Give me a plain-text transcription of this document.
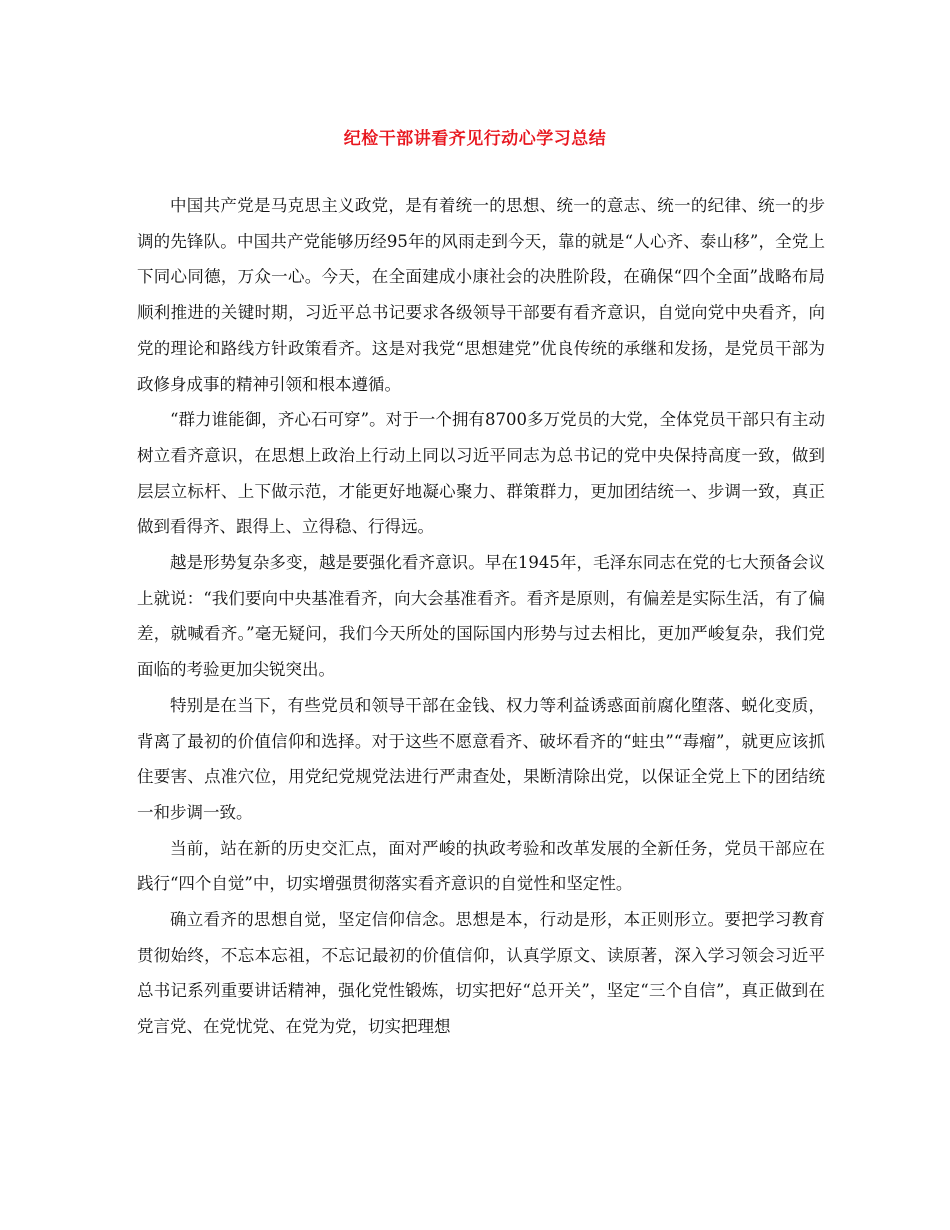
纪检干部讲看齐见行动心学习总结

中国共产党是马克思主义政党，是有着统一的思想、统一的意志、统一的纪律、统一的步调的先锋队。中国共产党能够历经95年的风雨走到今天，靠的就是“人心齐、泰山移”，全党上下同心同德，万众一心。今天，在全面建成小康社会的决胜阶段，在确保“四个全面”战略布局顺利推进的关键时期，习近平总书记要求各级领导干部要有看齐意识，自觉向党中央看齐，向党的理论和路线方针政策看齐。这是对我党“思想建党”优良传统的承继和发扬，是党员干部为政修身成事的精神引领和根本遵循。

“群力谁能御，齐心石可穿”。对于一个拥有8700多万党员的大党，全体党员干部只有主动树立看齐意识，在思想上政治上行动上同以习近平同志为总书记的党中央保持高度一致，做到层层立标杆、上下做示范，才能更好地凝心聚力、群策群力，更加团结统一、步调一致，真正做到看得齐、跟得上、立得稳、行得远。

越是形势复杂多变，越是要强化看齐意识。早在1945年，毛泽东同志在党的七大预备会议上就说：“我们要向中央基准看齐，向大会基准看齐。看齐是原则，有偏差是实际生活，有了偏差，就喊看齐。”毫无疑问，我们今天所处的国际国内形势与过去相比，更加严峻复杂，我们党面临的考验更加尖锐突出。

特别是在当下，有些党员和领导干部在金钱、权力等利益诱惑面前腐化堕落、蜕化变质，背离了最初的价值信仰和选择。对于这些不愿意看齐、破坏看齐的“蛀虫”“毒瘤”，就更应该抓住要害、点准穴位，用党纪党规党法进行严肃查处，果断清除出党，以保证全党上下的团结统一和步调一致。

当前，站在新的历史交汇点，面对严峻的执政考验和改革发展的全新任务，党员干部应在践行“四个自觉”中，切实增强贯彻落实看齐意识的自觉性和坚定性。

确立看齐的思想自觉，坚定信仰信念。思想是本，行动是形，本正则形立。要把学习教育贯彻始终，不忘本忘祖，不忘记最初的价值信仰，认真学原文、读原著，深入学习领会习近平总书记系列重要讲话精神，强化党性锻炼，切实把好“总开关”，坚定“三个自信”，真正做到在党言党、在党忧党、在党为党，切实把理想
